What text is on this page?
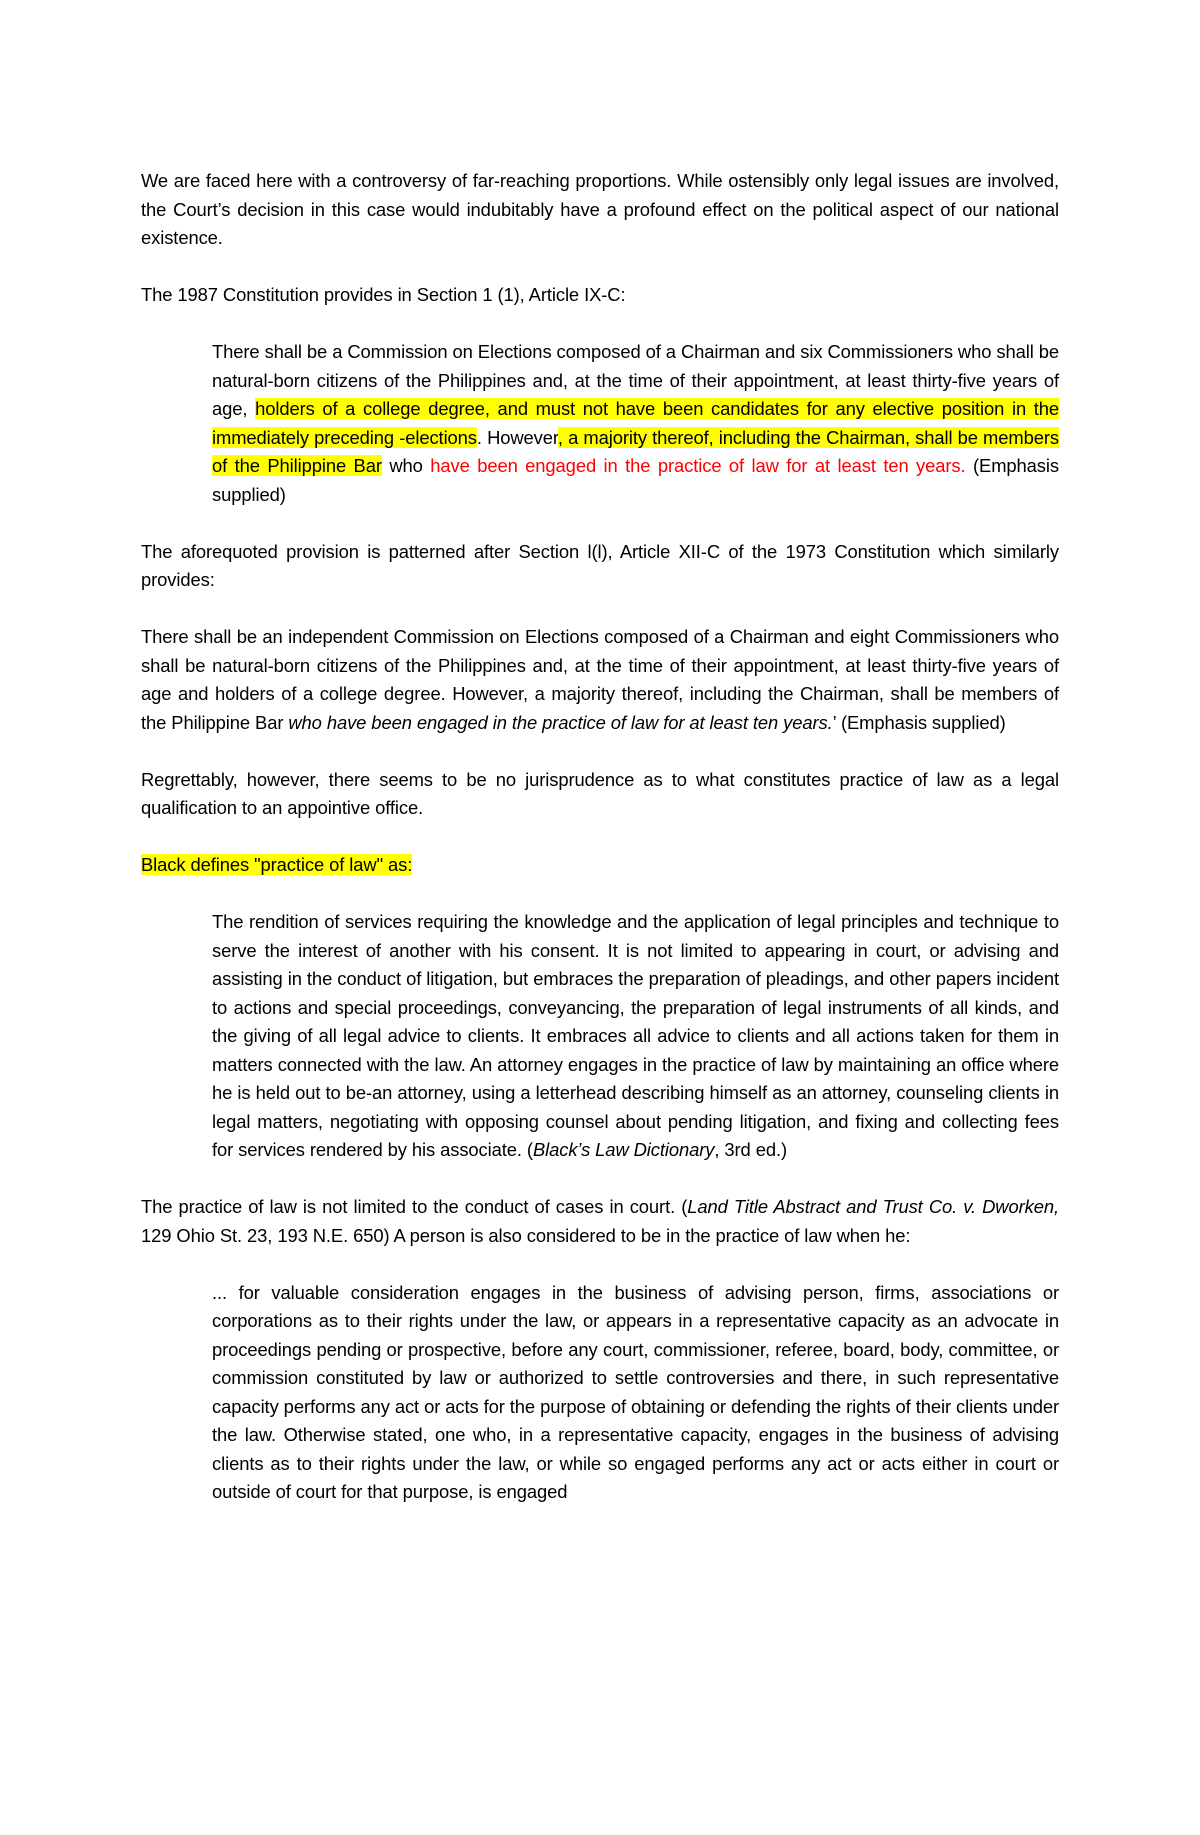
We are faced here with a controversy of far-reaching proportions. While ostensibly only legal issues are involved, the Court’s decision in this case would indubitably have a profound effect on the political aspect of our national existence.

The 1987 Constitution provides in Section 1 (1), Article IX-C:

There shall be a Commission on Elections composed of a Chairman and six Commissioners who shall be natural-born citizens of the Philippines and, at the time of their appointment, at least thirty-five years of age, holders of a college degree, and must not have been candidates for any elective position in the immediately preceding -elections. However, a majority thereof, including the Chairman, shall be members of the Philippine Bar who have been engaged in the practice of law for at least ten years. (Emphasis supplied)

The aforequoted provision is patterned after Section l(l), Article XII-C of the 1973 Constitution which similarly provides:

There shall be an independent Commission on Elections composed of a Chairman and eight Commissioners who shall be natural-born citizens of the Philippines and, at the time of their appointment, at least thirty-five years of age and holders of a college degree. However, a majority thereof, including the Chairman, shall be members of the Philippine Bar who have been engaged in the practice of law for at least ten years.’ (Emphasis supplied)

Regrettably, however, there seems to be no jurisprudence as to what constitutes practice of law as a legal qualification to an appointive office.

Black defines "practice of law" as:

The rendition of services requiring the knowledge and the application of legal principles and technique to serve the interest of another with his consent. It is not limited to appearing in court, or advising and assisting in the conduct of litigation, but embraces the preparation of pleadings, and other papers incident to actions and special proceedings, conveyancing, the preparation of legal instruments of all kinds, and the giving of all legal advice to clients. It embraces all advice to clients and all actions taken for them in matters connected with the law. An attorney engages in the practice of law by maintaining an office where he is held out to be-an attorney, using a letterhead describing himself as an attorney, counseling clients in legal matters, negotiating with opposing counsel about pending litigation, and fixing and collecting fees for services rendered by his associate. (Black’s Law Dictionary, 3rd ed.)

The practice of law is not limited to the conduct of cases in court. (Land Title Abstract and Trust Co. v. Dworken, 129 Ohio St. 23, 193 N.E. 650) A person is also considered to be in the practice of law when he:

... for valuable consideration engages in the business of advising person, firms, associations or corporations as to their rights under the law, or appears in a representative capacity as an advocate in proceedings pending or prospective, before any court, commissioner, referee, board, body, committee, or commission constituted by law or authorized to settle controversies and there, in such representative capacity performs any act or acts for the purpose of obtaining or defending the rights of their clients under the law. Otherwise stated, one who, in a representative capacity, engages in the business of advising clients as to their rights under the law, or while so engaged performs any act or acts either in court or outside of court for that purpose, is engaged
